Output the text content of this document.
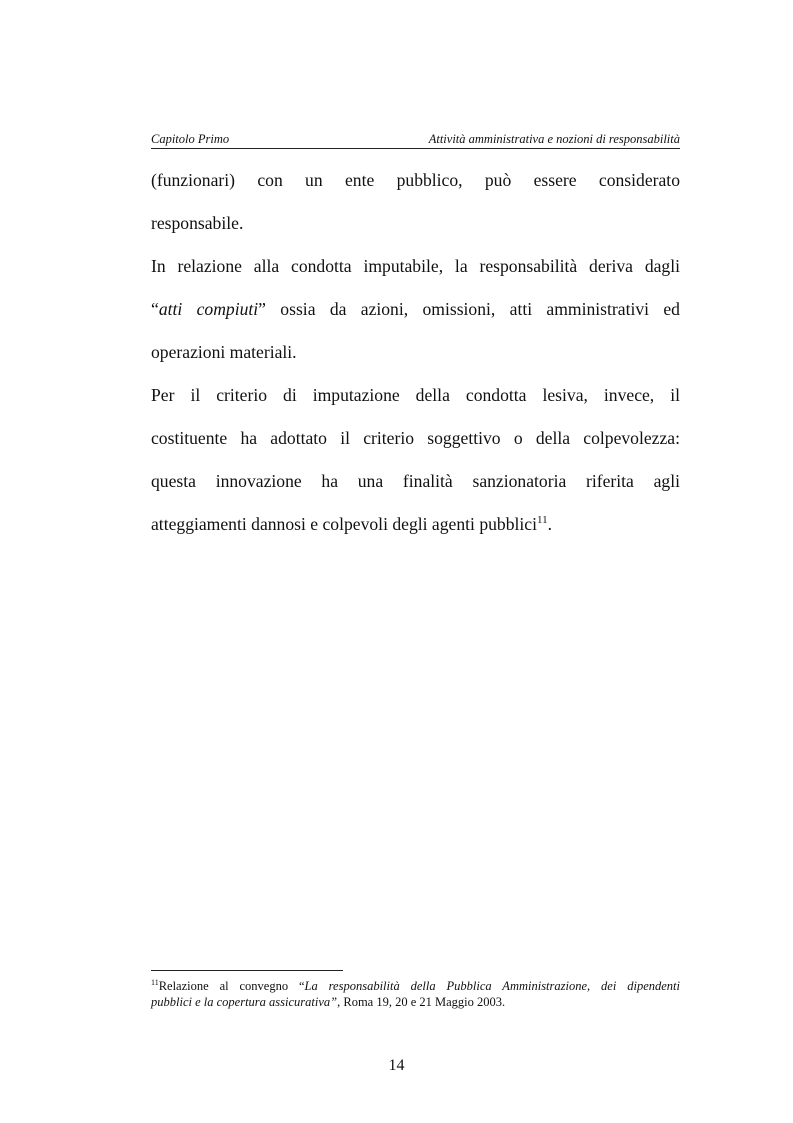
Capitolo Primo	Attività amministrativa e nozioni di responsabilità
(funzionari) con un ente pubblico, può essere considerato
responsabile.
In relazione alla condotta imputabile, la responsabilità deriva dagli
“atti compiuti” ossia da azioni, omissioni, atti amministrativi ed
operazioni materiali.
Per il criterio di imputazione della condotta lesiva, invece, il
costituente ha adottato il criterio soggettivo o della colpevolezza:
questa innovazione ha una finalità sanzionatoria riferita agli
atteggiamenti dannosi e colpevoli degli agenti pubblici$^{11}$.
$^{11}$Relazione al convegno “La responsabilità della Pubblica Amministrazione, dei dipendenti
pubblici e la copertura assicurativa”, Roma 19, 20 e 21 Maggio 2003.
14
